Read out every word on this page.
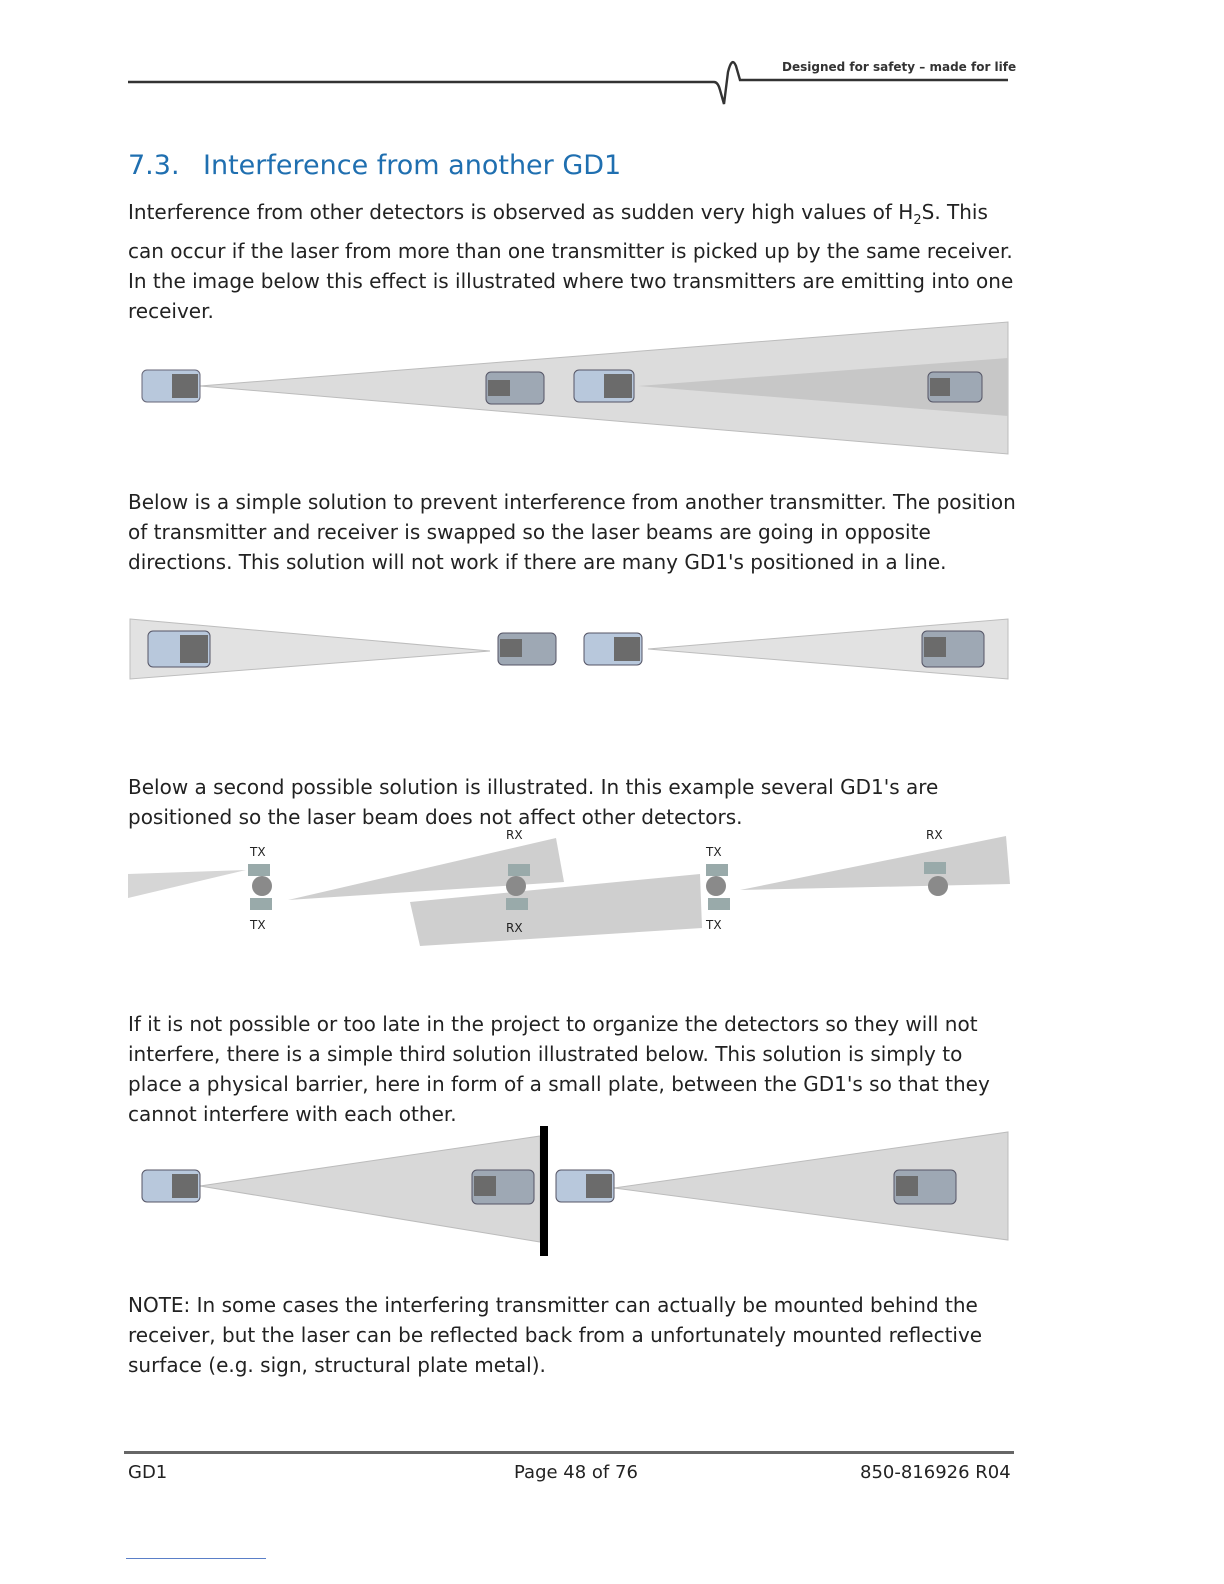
Designed for safety – made for life
7.3. Interference from another GD1

Interference from other detectors is observed as sudden very high values of $H_2S$. This can occur if the laser from more than one transmitter is picked up by the same receiver. In the image below this effect is illustrated where two transmitters are emitting into one receiver.

Below is a simple solution to prevent interference from another transmitter. The position of transmitter and receiver is swapped so the laser beams are going in opposite directions. This solution will not work if there are many GD1's positioned in a line.

Below a second possible solution is illustrated. In this example several GD1's are positioned so the laser beam does not affect other detectors.

TX
TX
RX
RX
TX
TX
RX

If it is not possible or too late in the project to organize the detectors so they will not interfere, there is a simple third solution illustrated below. This solution is simply to place a physical barrier, here in form of a small plate, between the GD1's so that they cannot interfere with each other.

NOTE: In some cases the interfering transmitter can actually be mounted behind the receiver, but the laser can be reflected back from a unfortunately mounted reflective surface (e.g. sign, structural plate metal).

GD1	Page 48 of 76	850-816926 R04
